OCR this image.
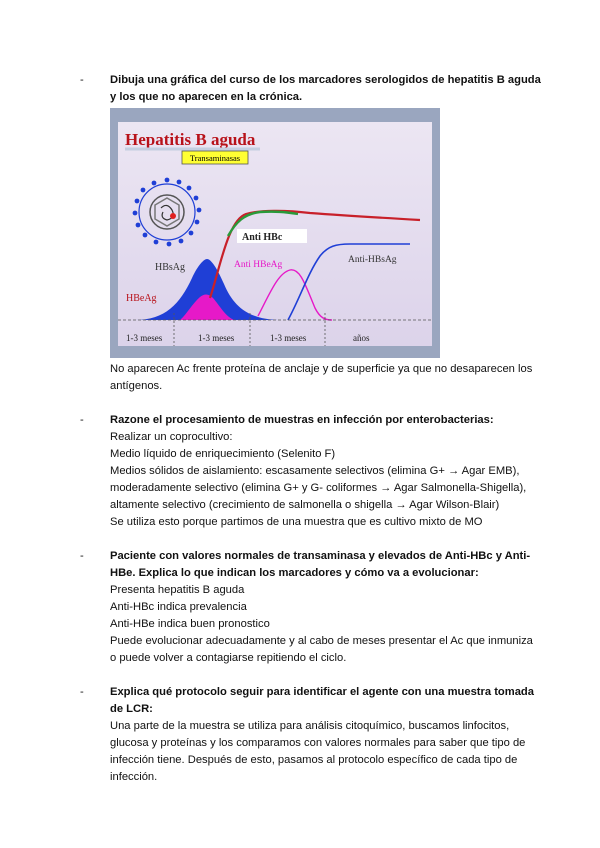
- Dibuja una gráfica del curso de los marcadores serologidos de hepatitis B aguda y los que no aparecen en la crónica.
Hepatitis B aguda
Transaminasas
Anti HBc
HBsAg
HBeAg
Anti HBeAg	Anti-HBsAg
1-3 meses	1-3 meses	1-3 meses	años
No aparecen Ac frente proteína de anclaje y de superficie ya que no desaparecen los antígenos.
- Razone el procesamiento de muestras en infección por enterobacterias:
Realizar un coprocultivo:
Medio líquido de enriquecimiento (Selenito F)
Medios sólidos de aislamiento: escasamente selectivos (elimina G+ → Agar EMB),
moderadamente selectivo (elimina G+ y G- coliformes → Agar Salmonella-Shigella),
altamente selectivo (crecimiento de salmonella o shigella → Agar Wilson-Blair)
Se utiliza esto porque partimos de una muestra que es cultivo mixto de MO
- Paciente con valores normales de transaminasa y elevados de Anti-HBc y Anti-HBe. Explica lo que indican los marcadores y cómo va a evolucionar:
Presenta hepatitis B aguda
Anti-HBc indica prevalencia
Anti-HBe indica buen pronostico
Puede evolucionar adecuadamente y al cabo de meses presentar el Ac que inmuniza
o puede volver a contagiarse repitiendo el ciclo.
- Explica qué protocolo seguir para identificar el agente con una muestra tomada de LCR:
Una parte de la muestra se utiliza para análisis citoquímico, buscamos linfocitos, glucosa y proteínas y los comparamos con valores normales para saber que tipo de infección tiene. Después de esto, pasamos al protocolo específico de cada tipo de infección.
